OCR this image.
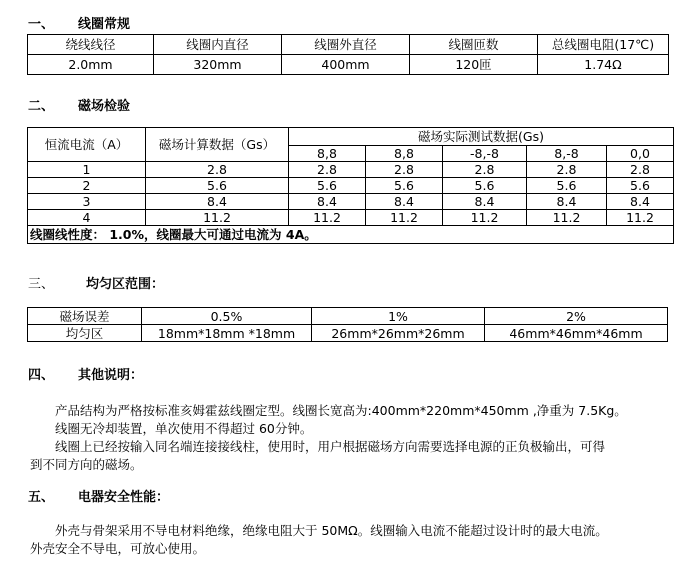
一、 线圈常规
绕线线径	线圈内直径	线圈外直径	线圈匝数	总线圈电阻(17℃)
2.0mm	320mm	400mm	120匝	1.74Ω
二、 磁场检验
恒流电流（A）	磁场计算数据（Gs）	磁场实际测试数据(Gs)				
		8,8	8,8	-8,-8	8,-8	0,0
1	2.8	2.8	2.8	2.8	2.8	2.8
2	5.6	5.6	5.6	5.6	5.6	5.6
3	8.4	8.4	8.4	8.4	8.4	8.4
4	11.2	11.2	11.2	11.2	11.2	11.2
线圈线性度： 1.0%，线圈最大可通过电流为 4A。						
三、 均匀区范围：
磁场误差	0.5%	1%	2%
均匀区	18mm*18mm *18mm	26mm*26mm*26mm	46mm*46mm*46mm
四、 其他说明：
产品结构为严格按标准亥姆霍兹线圈定型。线圈长宽高为:400mm*220mm*450mm ,净重为 7.5Kg。
线圈无冷却装置，单次使用不得超过 60分钟。
线圈上已经按输入同名端连接接线柱，使用时，用户根据磁场方向需要选择电源的正负极输出，可得
到不同方向的磁场。
五、 电器安全性能：
外壳与骨架采用不导电材料绝缘，绝缘电阻大于 50MΩ。线圈输入电流不能超过设计时的最大电流。
外壳安全不导电，可放心使用。
